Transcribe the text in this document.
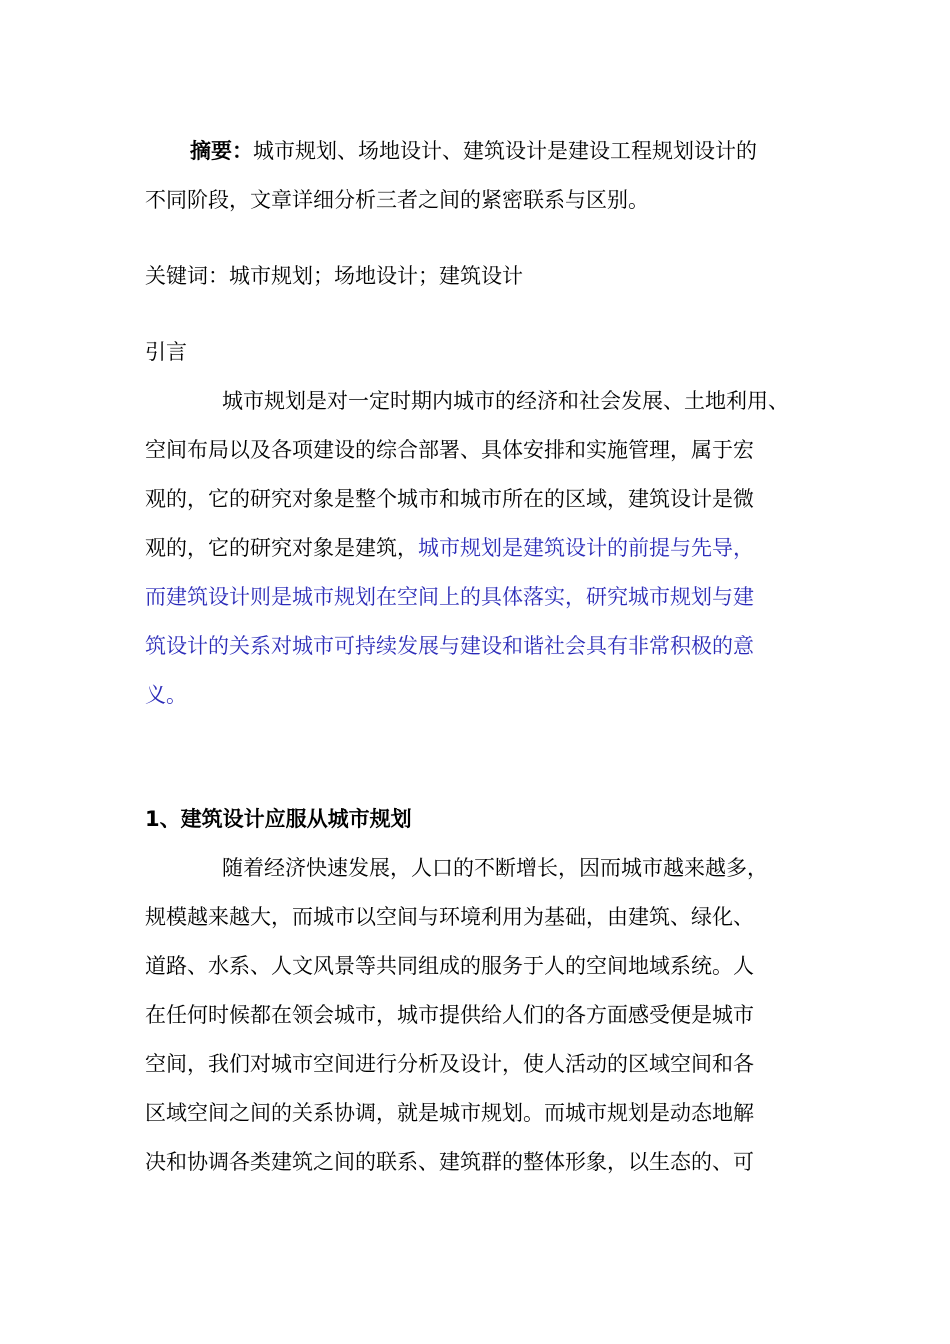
摘要：城市规划、场地设计、建筑设计是建设工程规划设计的
不同阶段，文章详细分析三者之间的紧密联系与区别。
关键词：城市规划；场地设计；建筑设计
引言
城市规划是对一定时期内城市的经济和社会发展、土地利用、
空间布局以及各项建设的综合部署、具体安排和实施管理，属于宏
观的，它的研究对象是整个城市和城市所在的区域，建筑设计是微
观的，它的研究对象是建筑，城市规划是建筑设计的前提与先导，
而建筑设计则是城市规划在空间上的具体落实，研究城市规划与建
筑设计的关系对城市可持续发展与建设和谐社会具有非常积极的意
义。
1、建筑设计应服从城市规划
随着经济快速发展，人口的不断增长，因而城市越来越多，
规模越来越大，而城市以空间与环境利用为基础，由建筑、绿化、
道路、水系、人文风景等共同组成的服务于人的空间地域系统。人
在任何时候都在领会城市，城市提供给人们的各方面感受便是城市
空间，我们对城市空间进行分析及设计，使人活动的区域空间和各
区域空间之间的关系协调，就是城市规划。而城市规划是动态地解
决和协调各类建筑之间的联系、建筑群的整体形象，以生态的、可
